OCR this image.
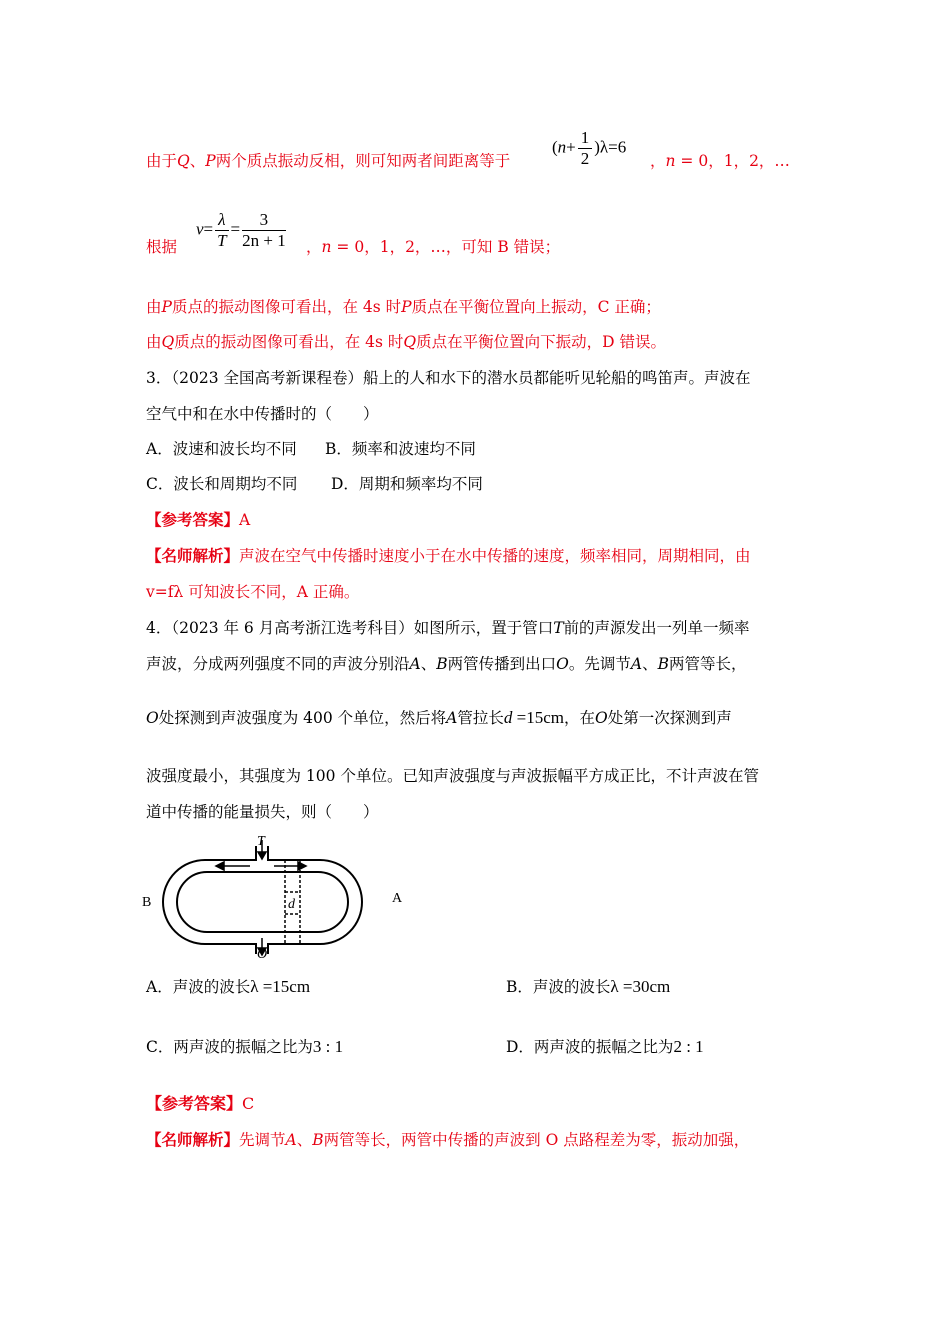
由于Q、P两个质点振动反相，则可知两者间距离等于
$(n+ \frac{1}{2} )\lambda=6$
，n = 0，1，2，…
根据
$v= \frac{\lambda}{T} = \frac{3}{2n + 1}$ ，n = 0，1，2，…，可知 B 错误；
由P质点的振动图像可看出，在 4s 时P质点在平衡位置向上振动，C 正确；
由Q质点的振动图像可看出，在 4s 时Q质点在平衡位置向下振动，D 错误。
3．（2023 全国高考新课程卷）船上的人和水下的潜水员都能听见轮船的鸣笛声。声波在
空气中和在水中传播时的（　　）
A．波速和波长均不同 B．频率和波速均不同
C．波长和周期均不同 D．周期和频率均不同
【参考答案】A
【名师解析】声波在空气中传播时速度小于在水中传播的速度，频率相同，周期相同，由
v=fλ 可知波长不同，A 正确。
4．（2023 年 6 月高考浙江选考科目）如图所示，置于管口T前的声源发出一列单一频率
声波，分成两列强度不同的声波分别沿A、B两管传播到出口O。先调节A、B两管等长，
O处探测到声波强度为 400 个单位，然后将A管拉长d =15cm，在O处第一次探测到声
波强度最小，其强度为 100 个单位。已知声波强度与声波振幅平方成正比，不计声波在管
道中传播的能量损失，则（　　）
T
B	A
O
d
A．声波的波长λ =15cm	B．声波的波长λ =30cm
C．两声波的振幅之比为3 : 1	D．两声波的振幅之比为2 : 1
【参考答案】C
【名师解析】先调节A、B两管等长，两管中传播的声波到 O 点路程差为零，振动加强，
